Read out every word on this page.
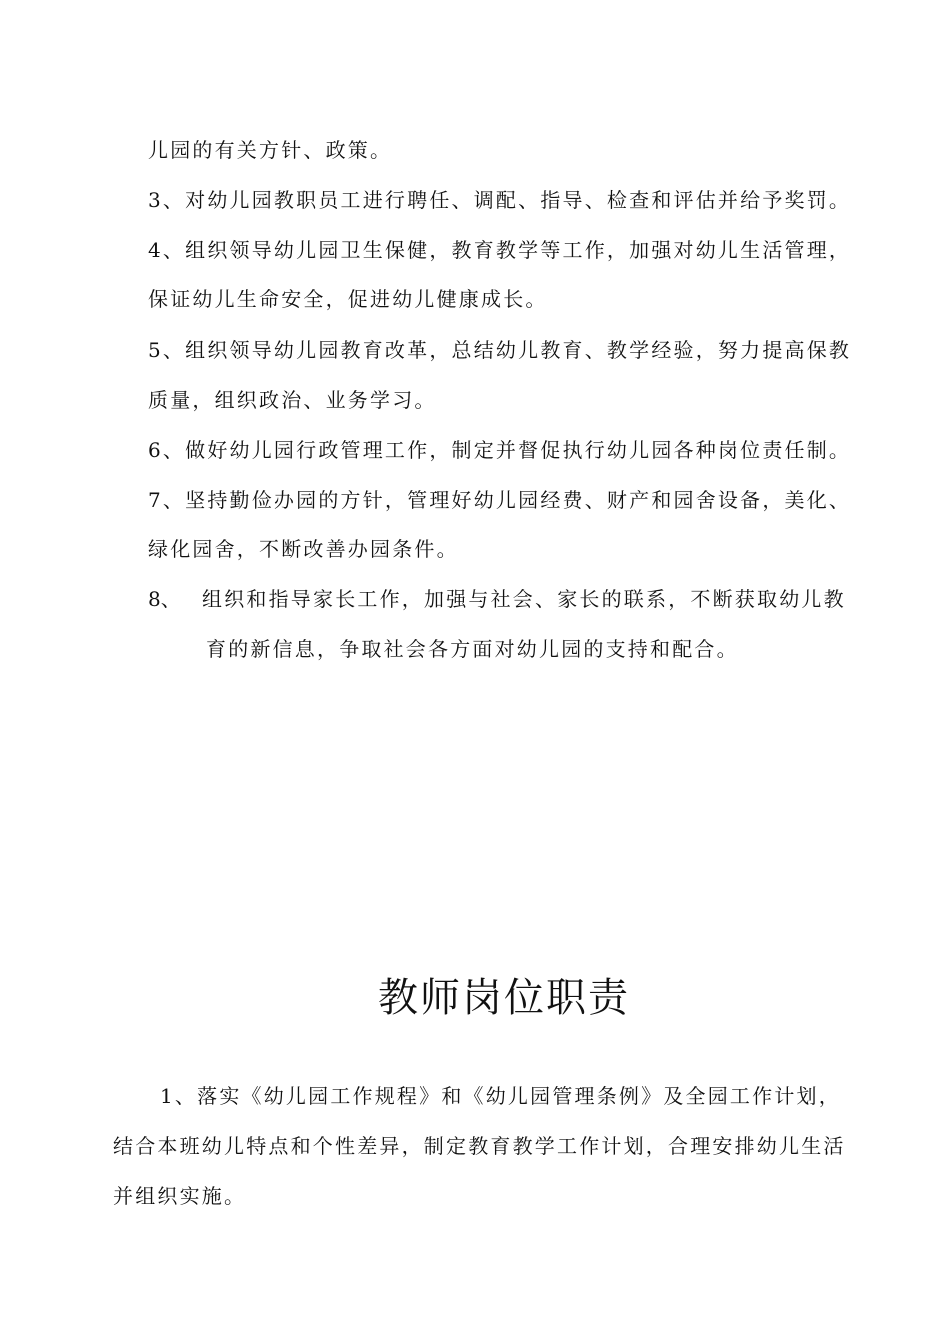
儿园的有关方针、政策。
3、对幼儿园教职员工进行聘任、调配、指导、检查和评估并给予奖罚。
4、组织领导幼儿园卫生保健，教育教学等工作，加强对幼儿生活管理，
保证幼儿生命安全，促进幼儿健康成长。
5、组织领导幼儿园教育改革，总结幼儿教育、教学经验，努力提高保教
质量，组织政治、业务学习。
6、做好幼儿园行政管理工作，制定并督促执行幼儿园各种岗位责任制。
7、坚持勤俭办园的方针，管理好幼儿园经费、财产和园舍设备，美化、
绿化园舍，不断改善办园条件。
8、 组织和指导家长工作，加强与社会、家长的联系，不断获取幼儿教
育的新信息，争取社会各方面对幼儿园的支持和配合。
教师岗位职责
1、落实《幼儿园工作规程》和《幼儿园管理条例》及全园工作计划，
结合本班幼儿特点和个性差异，制定教育教学工作计划，合理安排幼儿生活
并组织实施。
